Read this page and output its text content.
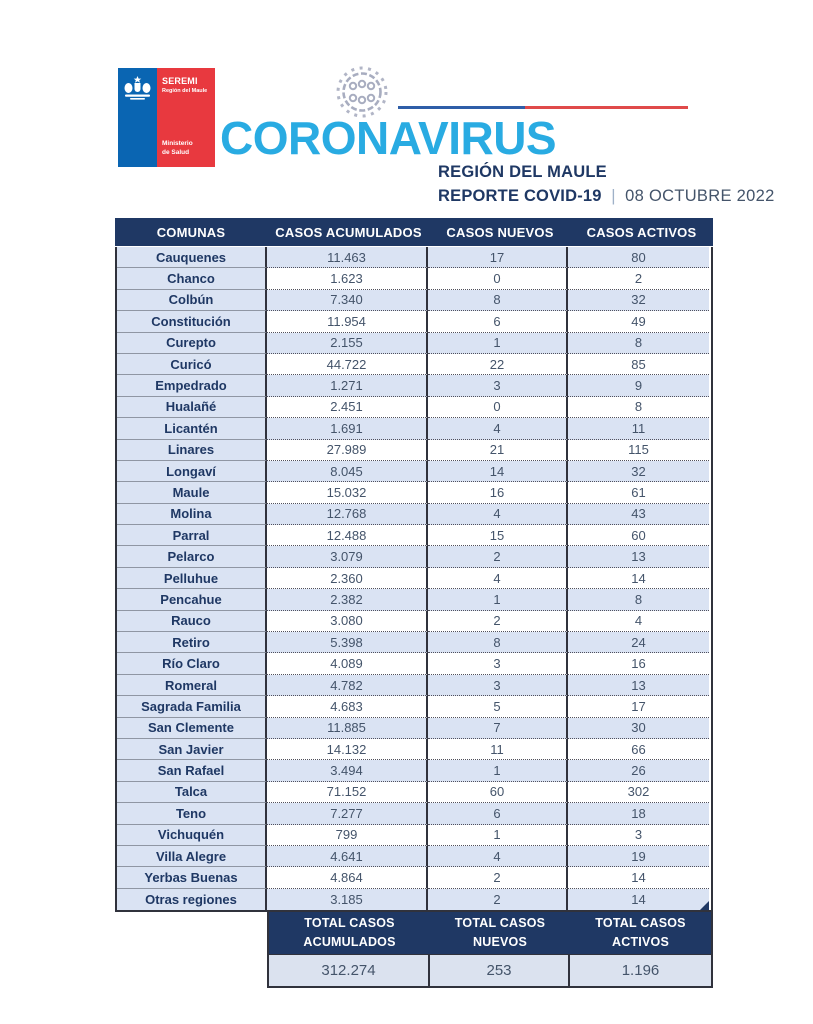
SEREMI
Región del Maule
Ministerio de Salud CORONAVIRUS
REGIÓN DEL MAULE
REPORTE COVID-19 | 08 OCTUBRE 2022
COMUNAS	CASOS ACUMULADOS	CASOS NUEVOS	CASOS ACTIVOS
Cauquenes	11.463	17	80
Chanco	1.623	0	2
Colbún	7.340	8	32
Constitución	11.954	6	49
Curepto	2.155	1	8
Curicó	44.722	22	85
Empedrado	1.271	3	9
Hualañé	2.451	0	8
Licantén	1.691	4	11
Linares	27.989	21	115
Longaví	8.045	14	32
Maule	15.032	16	61
Molina	12.768	4	43
Parral	12.488	15	60
Pelarco	3.079	2	13
Pelluhue	2.360	4	14
Pencahue	2.382	1	8
Rauco	3.080	2	4
Retiro	5.398	8	24
Río Claro	4.089	3	16
Romeral	4.782	3	13
Sagrada Familia	4.683	5	17
San Clemente	11.885	7	30
San Javier	14.132	11	66
San Rafael	3.494	1	26
Talca	71.152	60	302
Teno	7.277	6	18
Vichuquén	799	1	3
Villa Alegre	4.641	4	19
Yerbas Buenas	4.864	2	14
Otras regiones	3.185	2	14
TOTAL CASOS
ACUMULADOS
TOTAL CASOS
NUEVOS
TOTAL CASOS
ACTIVOS
312.274	253	1.196
